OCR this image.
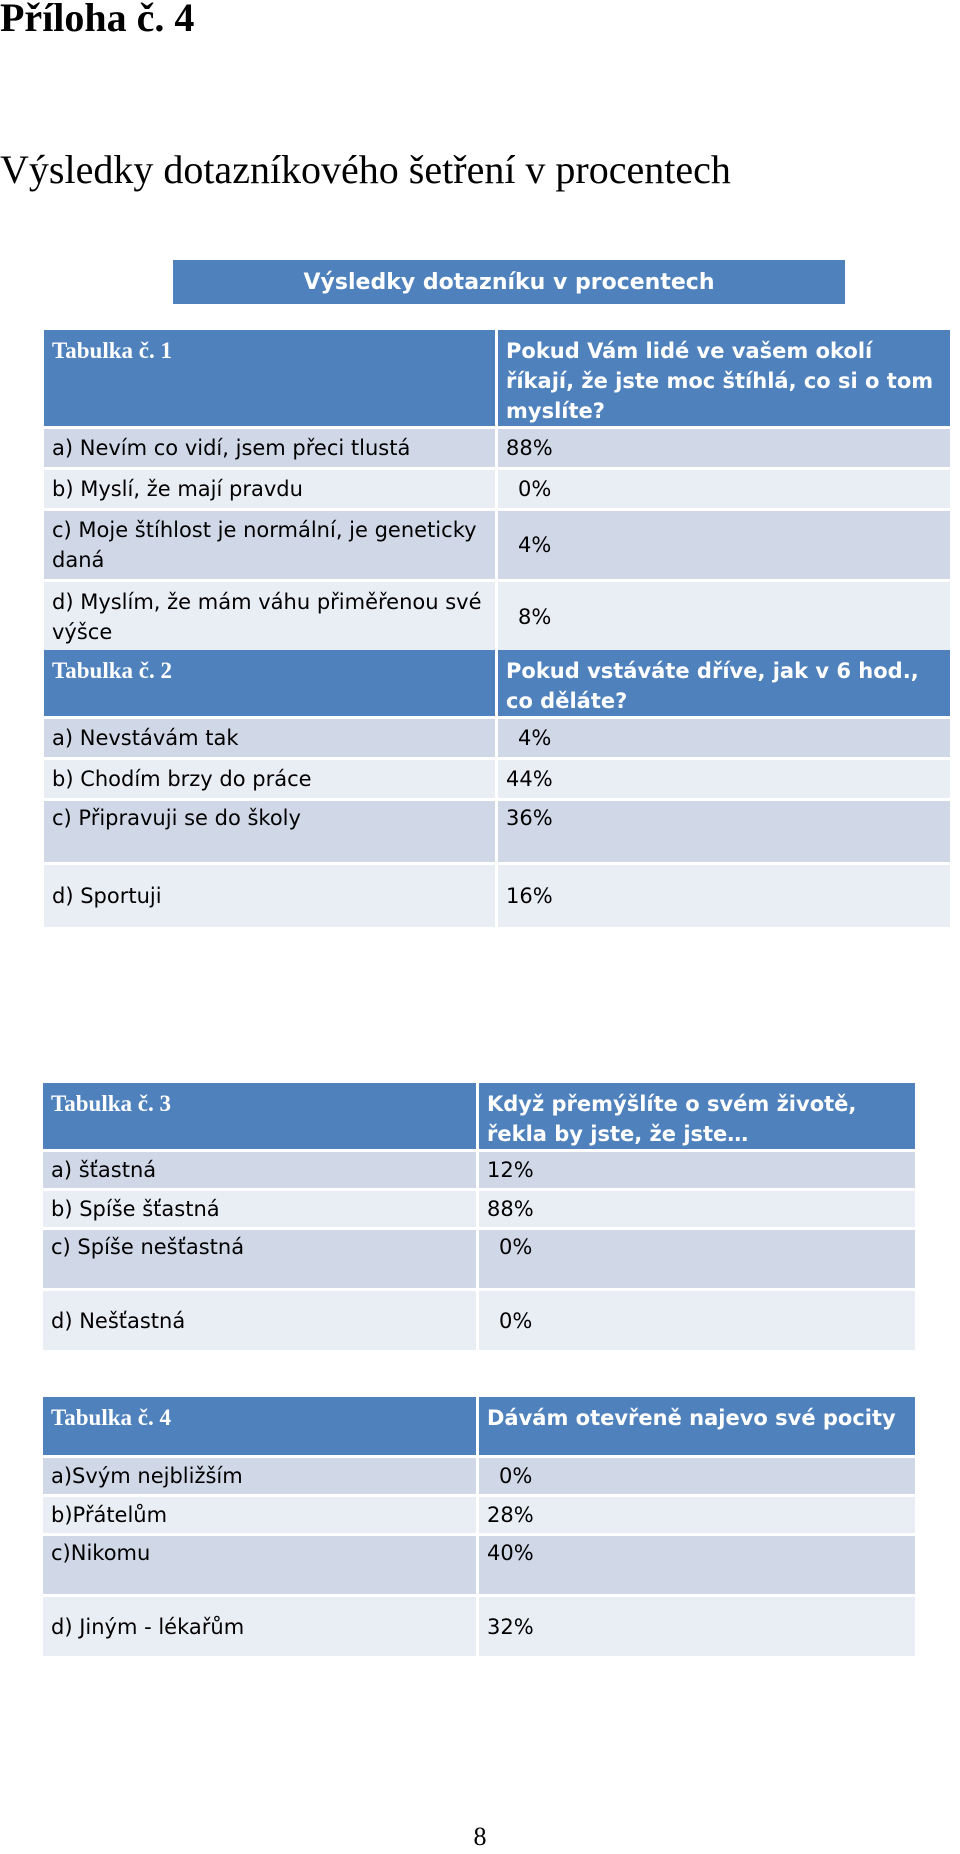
Příloha č. 4
Výsledky dotazníkového šetření v procentech
Výsledky dotazníku v procentech
Tabulka č. 1	Pokud Vám lidé ve vašem okolí říkají, že jste moc štíhlá, co si o tom myslíte?
a) Nevím co vidí, jsem přeci tlustá	88%
b) Myslí, že mají pravdu	0%
c) Moje štíhlost je normální, je geneticky daná	4%
d) Myslím, že mám váhu přiměřenou své výšce	8%
Tabulka č. 2	Pokud vstáváte dříve, jak v 6 hod., co děláte?
a) Nevstávám tak	4%
b) Chodím brzy do práce	44%
c) Připravuji se do školy	36%
d) Sportuji	16%
Tabulka č. 3	Když přemýšlíte o svém životě, řekla by jste, že jste…
a) šťastná	12%
b) Spíše šťastná	88%
c) Spíše nešťastná	0%
d) Nešťastná	0%
Tabulka č. 4	Dávám otevřeně najevo své pocity
a)Svým nejbližším	0%
b)Přátelům	28%
c)Nikomu	40%
d) Jiným - lékařům	32%
8
